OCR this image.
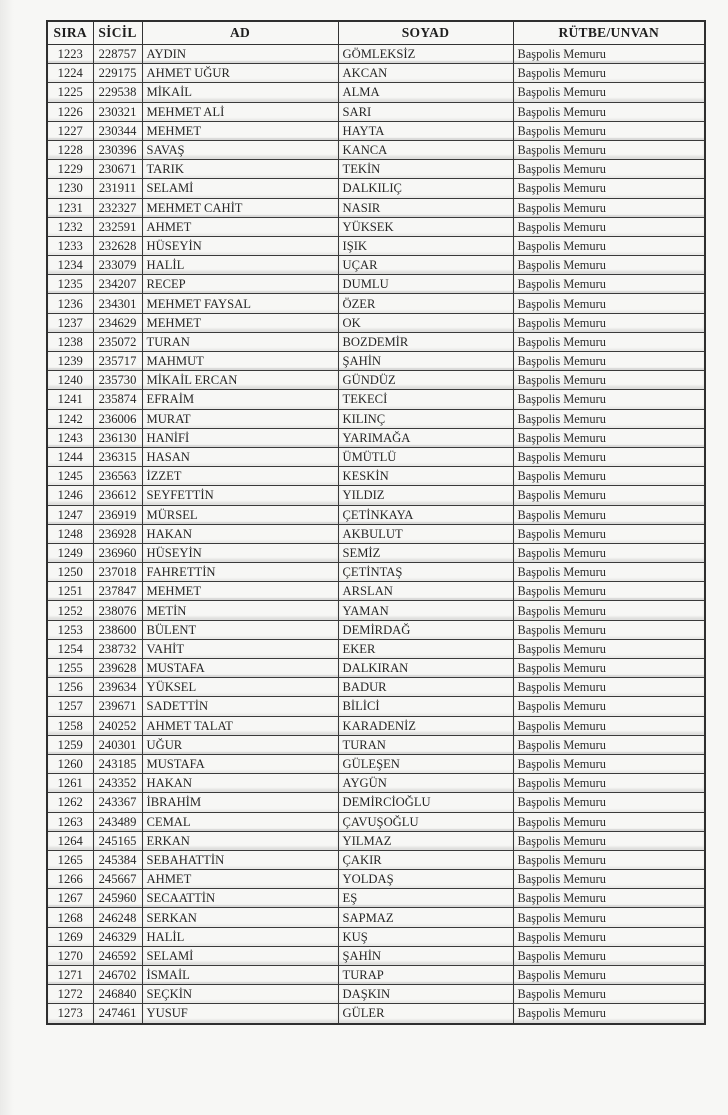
SIRA	SİCİL	AD	SOYAD	RÜTBE/UNVAN
1223	228757	AYDIN	GÖMLEKSİZ	Başpolis Memuru
1224	229175	AHMET UĞUR	AKCAN	Başpolis Memuru
1225	229538	MİKAİL	ALMA	Başpolis Memuru
1226	230321	MEHMET ALİ	SARI	Başpolis Memuru
1227	230344	MEHMET	HAYTA	Başpolis Memuru
1228	230396	SAVAŞ	KANCA	Başpolis Memuru
1229	230671	TARIK	TEKİN	Başpolis Memuru
1230	231911	SELAMİ	DALKILIÇ	Başpolis Memuru
1231	232327	MEHMET CAHİT	NASIR	Başpolis Memuru
1232	232591	AHMET	YÜKSEK	Başpolis Memuru
1233	232628	HÜSEYİN	IŞIK	Başpolis Memuru
1234	233079	HALİL	UÇAR	Başpolis Memuru
1235	234207	RECEP	DUMLU	Başpolis Memuru
1236	234301	MEHMET FAYSAL	ÖZER	Başpolis Memuru
1237	234629	MEHMET	OK	Başpolis Memuru
1238	235072	TURAN	BOZDEMİR	Başpolis Memuru
1239	235717	MAHMUT	ŞAHİN	Başpolis Memuru
1240	235730	MİKAİL ERCAN	GÜNDÜZ	Başpolis Memuru
1241	235874	EFRAİM	TEKECİ	Başpolis Memuru
1242	236006	MURAT	KILINÇ	Başpolis Memuru
1243	236130	HANİFİ	YARIMAĞA	Başpolis Memuru
1244	236315	HASAN	ÜMÜTLÜ	Başpolis Memuru
1245	236563	İZZET	KESKİN	Başpolis Memuru
1246	236612	SEYFETTİN	YILDIZ	Başpolis Memuru
1247	236919	MÜRSEL	ÇETİNKAYA	Başpolis Memuru
1248	236928	HAKAN	AKBULUT	Başpolis Memuru
1249	236960	HÜSEYİN	SEMİZ	Başpolis Memuru
1250	237018	FAHRETTİN	ÇETİNTAŞ	Başpolis Memuru
1251	237847	MEHMET	ARSLAN	Başpolis Memuru
1252	238076	METİN	YAMAN	Başpolis Memuru
1253	238600	BÜLENT	DEMİRDAĞ	Başpolis Memuru
1254	238732	VAHİT	EKER	Başpolis Memuru
1255	239628	MUSTAFA	DALKIRAN	Başpolis Memuru
1256	239634	YÜKSEL	BADUR	Başpolis Memuru
1257	239671	SADETTİN	BİLİCİ	Başpolis Memuru
1258	240252	AHMET TALAT	KARADENİZ	Başpolis Memuru
1259	240301	UĞUR	TURAN	Başpolis Memuru
1260	243185	MUSTAFA	GÜLEŞEN	Başpolis Memuru
1261	243352	HAKAN	AYGÜN	Başpolis Memuru
1262	243367	İBRAHİM	DEMİRCİOĞLU	Başpolis Memuru
1263	243489	CEMAL	ÇAVUŞOĞLU	Başpolis Memuru
1264	245165	ERKAN	YILMAZ	Başpolis Memuru
1265	245384	SEBAHATTİN	ÇAKIR	Başpolis Memuru
1266	245667	AHMET	YOLDAŞ	Başpolis Memuru
1267	245960	SECAATTİN	EŞ	Başpolis Memuru
1268	246248	SERKAN	SAPMAZ	Başpolis Memuru
1269	246329	HALİL	KUŞ	Başpolis Memuru
1270	246592	SELAMİ	ŞAHİN	Başpolis Memuru
1271	246702	İSMAİL	TURAP	Başpolis Memuru
1272	246840	SEÇKİN	DAŞKIN	Başpolis Memuru
1273	247461	YUSUF	GÜLER	Başpolis Memuru
